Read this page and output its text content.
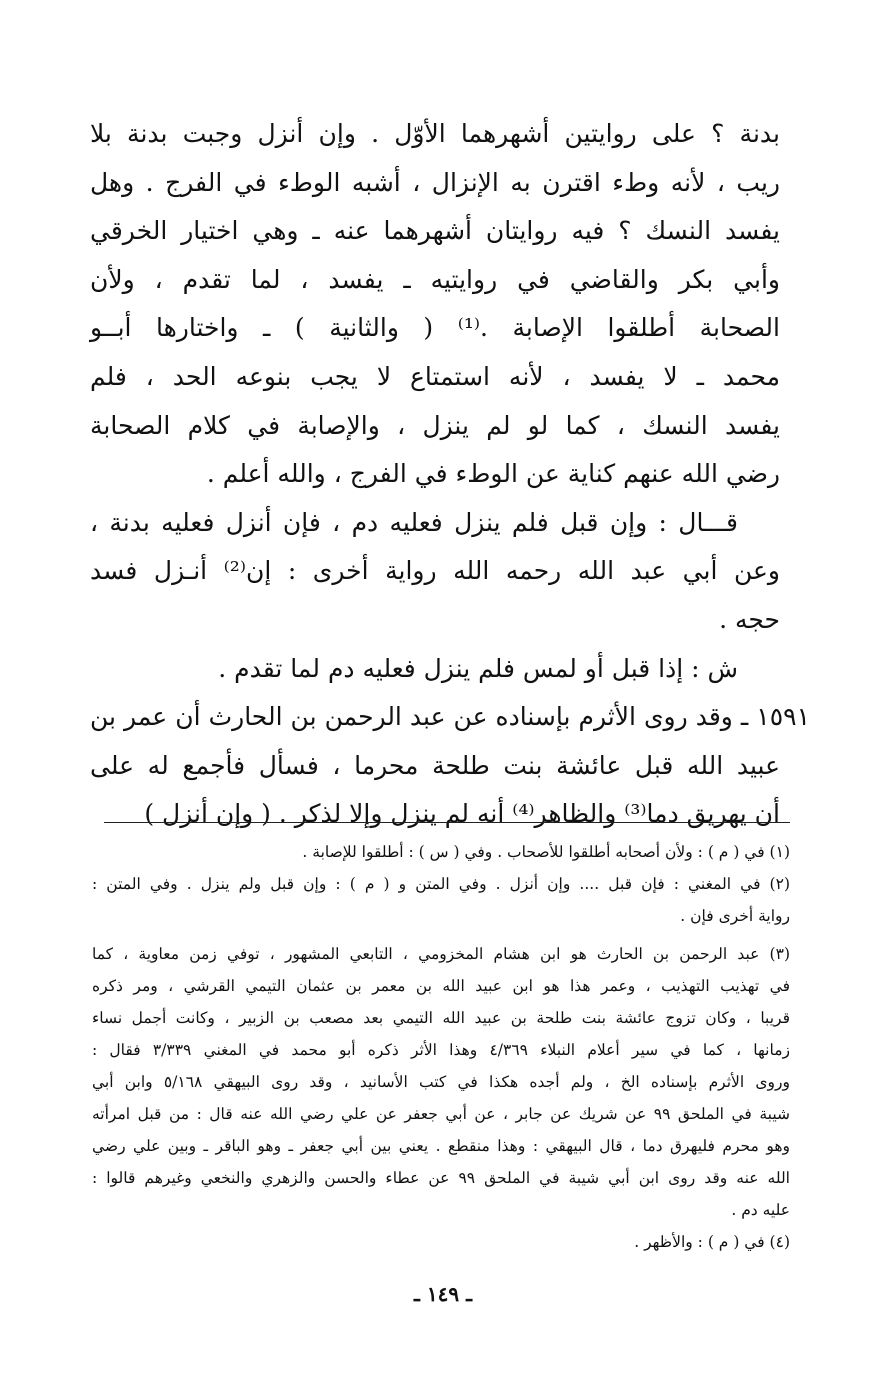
بدنة ؟ على روايتين أشهرهما الأوّل . وإن أنزل وجبت بدنة بلا
ريب ، لأنه وطء اقترن به الإنزال ، أشبه الوطء في الفرج . وهل
يفسد النسك ؟ فيه روايتان أشهرهما عنه ـ وهي اختيار الخرقي
وأبي بكر والقاضي في روايتيه ـ يفسد ، لما تقدم ، ولأن
الصحابة أطلقوا الإصابة .⁽¹⁾ ( والثانية ) ـ واختارها أبــو
محمد ـ لا يفسد ، لأنه استمتاع لا يجب بنوعه الحد ، فلم
يفسد النسك ، كما لو لم ينزل ، والإصابة في كلام الصحابة
رضي الله عنهم كناية عن الوطء في الفرج ، والله أعلم .
قـــال : وإن قبل فلم ينزل فعليه دم ، فإن أنزل فعليه بدنة ،
وعن أبي عبد الله رحمه الله رواية أخرى : إن⁽²⁾ أنـزل فسد
حجه .
ش : إذا قبل أو لمس فلم ينزل فعليه دم لما تقدم .
١٥٩١ ـ وقد روى الأثرم بإسناده عن عبد الرحمن بن الحارث أن عمر بن
عبيد الله قبل عائشة بنت طلحة محرما ، فسأل فأجمع له على
أن يهريق دما⁽³⁾ والظاهر⁽⁴⁾ أنه لم ينزل وإلا لذكر . ( وإن أنزل )
(١) في ( م ) : ولأن أصحابه أطلقوا للأصحاب . وفي ( س ) : أطلقوا للإصابة .
(٢) في المغني : فإن قبل .... وإن أنزل . وفي المتن و ( م ) : وإن قبل ولم ينزل . وفي المتن :
رواية أخرى فإن .
(٣) عبد الرحمن بن الحارث هو ابن هشام المخزومي ، التابعي المشهور ، توفي زمن معاوية ، كما
في تهذيب التهذيب ، وعمر هذا هو ابن عبيد الله بن معمر بن عثمان التيمي القرشي ، ومر ذكره
قريبا ، وكان تزوج عائشة بنت طلحة بن عبيد الله التيمي بعد مصعب بن الزبير ، وكانت أجمل نساء
زمانها ، كما في سير أعلام النبلاء ٤/٣٦٩ وهذا الأثر ذكره أبو محمد في المغني ٣/٣٣٩ فقال :
وروى الأثرم بإسناده الخ ، ولم أجده هكذا في كتب الأسانيد ، وقد روى البيهقي ٥/١٦٨ وابن أبي
شيبة في الملحق ٩٩ عن شريك عن جابر ، عن أبي جعفر عن علي رضي الله عنه قال : من قبل امرأته
وهو محرم فليهرق دما ، قال البيهقي : وهذا منقطع . يعني بين أبي جعفر ـ وهو الباقر ـ وبين علي رضي
الله عنه وقد روى ابن أبي شيبة في الملحق ٩٩ عن عطاء والحسن والزهري والنخعي وغيرهم قالوا :
عليه دم .
(٤) في ( م ) : والأظهر .
ـ ١٤٩ ـ
